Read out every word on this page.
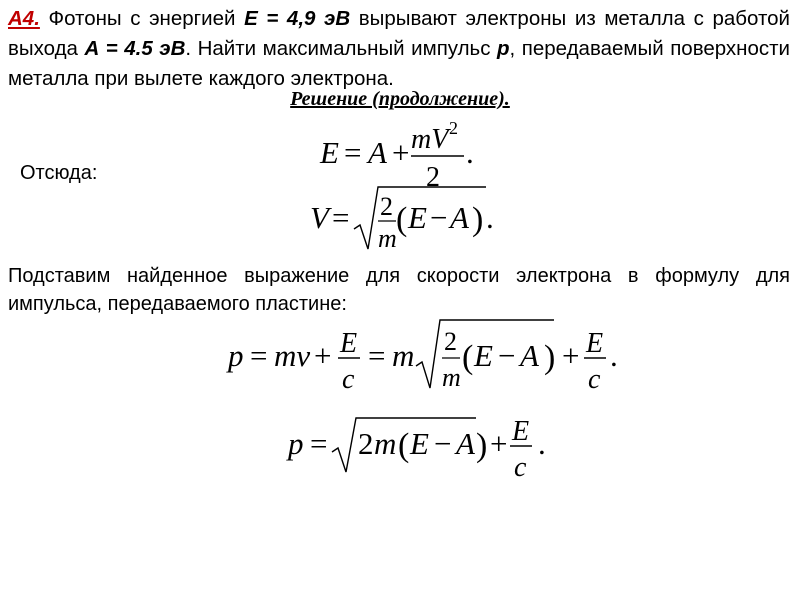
А4. Фотоны с энергией Е = 4,9 эВ вырывают электроны из металла с работой выхода А = 4.5 эВ. Найти максимальный импульс р, передаваемый поверхности металла при вылете каждого электрона.
Решение (продолжение).
Отсюда:
E = A + mV 2
2
.
V = 2
m
( E − A ) .
Подставим найденное выражение для скорости электрона в формулу для импульса, передаваемого пластине:
p = mv + E
c
= m 2
m
( E − A ) + E
c
.
p = 2 m ( E − A ) + E
c
.
